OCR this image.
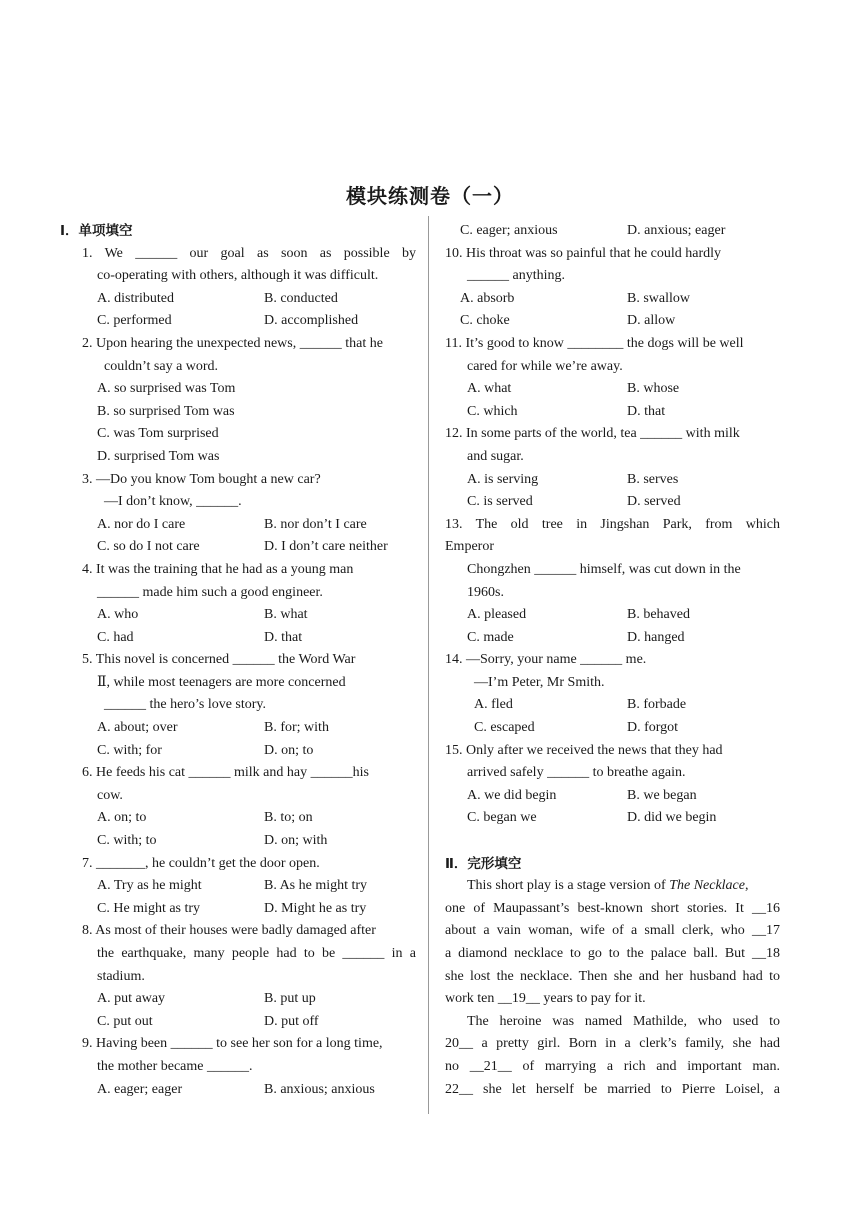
模块练测卷（一）
Ⅰ．单项填空
1. We ______ our goal as soon as possible by
co-operating with others, although it was difficult.
A. distributed	B. conducted
C. performed	D. accomplished
2. Upon hearing the unexpected news, ______ that he
couldn’t say a word.
A. so surprised was Tom
B. so surprised Tom was
C. was Tom surprised
D. surprised Tom was
3. —Do you know Tom bought a new car?
—I don’t know, ______.
A. nor do I care	B. nor don’t I care
C. so do I not care	D. I don’t care neither
4. It was the training that he had as a young man
______ made him such a good engineer.
A. who	B. what
C. had	D. that
5. This novel is concerned ______ the Word War
Ⅱ, while most teenagers are more concerned
______ the hero’s love story.
A. about; over	B. for; with
C. with; for	D. on; to
6. He feeds his cat ______ milk and hay ______his
cow.
A. on; to	B. to; on
C. with; to	D. on; with
7. _______, he couldn’t get the door open.
A. Try as he might	B. As he might try
C. He might as try	D. Might he as try
8. As most of their houses were badly damaged after
the earthquake, many people had to be ______ in a
stadium.
A. put away	B. put up
C. put out	D. put off
9. Having been ______ to see her son for a long time,
the mother became ______.
A. eager; eager	B. anxious; anxious
C. eager; anxious	D. anxious; eager
10. His throat was so painful that he could hardly
______ anything.
A. absorb	B. swallow
C. choke	D. allow
11. It’s good to know ________ the dogs will be well
cared for while we’re away.
A. what	B. whose
C. which	D. that
12. In some parts of the world, tea ______ with milk
and sugar.
A. is serving	B. serves
C. is served	D. served
13. The old tree in Jingshan Park, from which
Emperor
Chongzhen ______ himself, was cut down in the
1960s.
A. pleased	B. behaved
C. made	D. hanged
14. —Sorry, your name ______ me.
—I’m Peter, Mr Smith.
A. fled	B. forbade
C. escaped	D. forgot
15. Only after we received the news that they had
arrived safely ______ to breathe again.
A. we did begin	B. we began
C. began we	D. did we begin
Ⅱ．完形填空
This short play is a stage version of The Necklace,
one of Maupassant’s best-known short stories. It __16
about a vain woman, wife of a small clerk, who __17
a diamond necklace to go to the palace ball. But __18
she lost the necklace. Then she and her husband had to
work ten __19__ years to pay for it.
The heroine was named Mathilde, who used to
20__ a pretty girl. Born in a clerk’s family, she had
no __21__ of marrying a rich and important man.
22__ she let herself be married to Pierre Loisel, a
